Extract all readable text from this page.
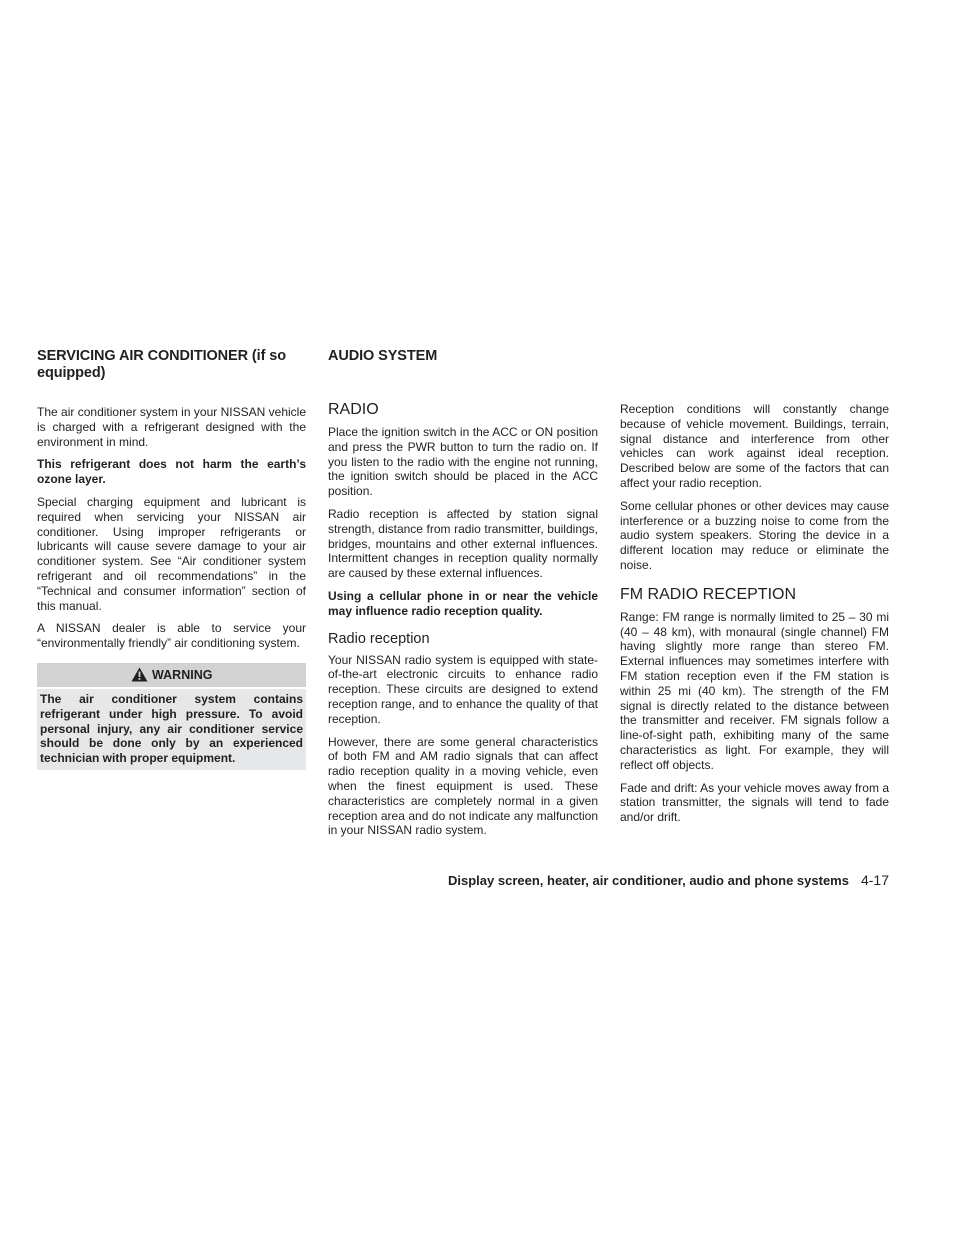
SERVICING AIR CONDITIONER (if so equipped)

The air conditioner system in your NISSAN vehicle is charged with a refrigerant designed with the environment in mind.

This refrigerant does not harm the earth’s ozone layer.

Special charging equipment and lubricant is required when servicing your NISSAN air conditioner. Using improper refrigerants or lubricants will cause severe damage to your air conditioner system. See “Air conditioner system refrigerant and oil recommendations” in the “Technical and consumer information” section of this manual.

A NISSAN dealer is able to service your “environmentally friendly” air conditioning system.

WARNING
The air conditioner system contains refrigerant under high pressure. To avoid personal injury, any air conditioner service should be done only by an experienced technician with proper equipment.
AUDIO SYSTEM
RADIO

Place the ignition switch in the ACC or ON position and press the PWR button to turn the radio on. If you listen to the radio with the engine not running, the ignition switch should be placed in the ACC position.

Radio reception is affected by station signal strength, distance from radio transmitter, buildings, bridges, mountains and other external influences. Intermittent changes in reception quality normally are caused by these external influences.

Using a cellular phone in or near the vehicle may influence radio reception quality.

Radio reception

Your NISSAN radio system is equipped with state-of-the-art electronic circuits to enhance radio reception. These circuits are designed to extend reception range, and to enhance the quality of that reception.

However, there are some general characteristics of both FM and AM radio signals that can affect radio reception quality in a moving vehicle, even when the finest equipment is used. These characteristics are completely normal in a given reception area and do not indicate any malfunction in your NISSAN radio system.

Reception conditions will constantly change because of vehicle movement. Buildings, terrain, signal distance and interference from other vehicles can work against ideal reception. Described below are some of the factors that can affect your radio reception.

Some cellular phones or other devices may cause interference or a buzzing noise to come from the audio system speakers. Storing the device in a different location may reduce or eliminate the noise.

FM RADIO RECEPTION

Range: FM range is normally limited to 25 – 30 mi (40 – 48 km), with monaural (single channel) FM having slightly more range than stereo FM. External influences may sometimes interfere with FM station reception even if the FM station is within 25 mi (40 km). The strength of the FM signal is directly related to the distance between the transmitter and receiver. FM signals follow a line-of-sight path, exhibiting many of the same characteristics as light. For example, they will reflect off objects.

Fade and drift: As your vehicle moves away from a station transmitter, the signals will tend to fade and/or drift.

Display screen, heater, air conditioner, audio and phone systems 4-17
